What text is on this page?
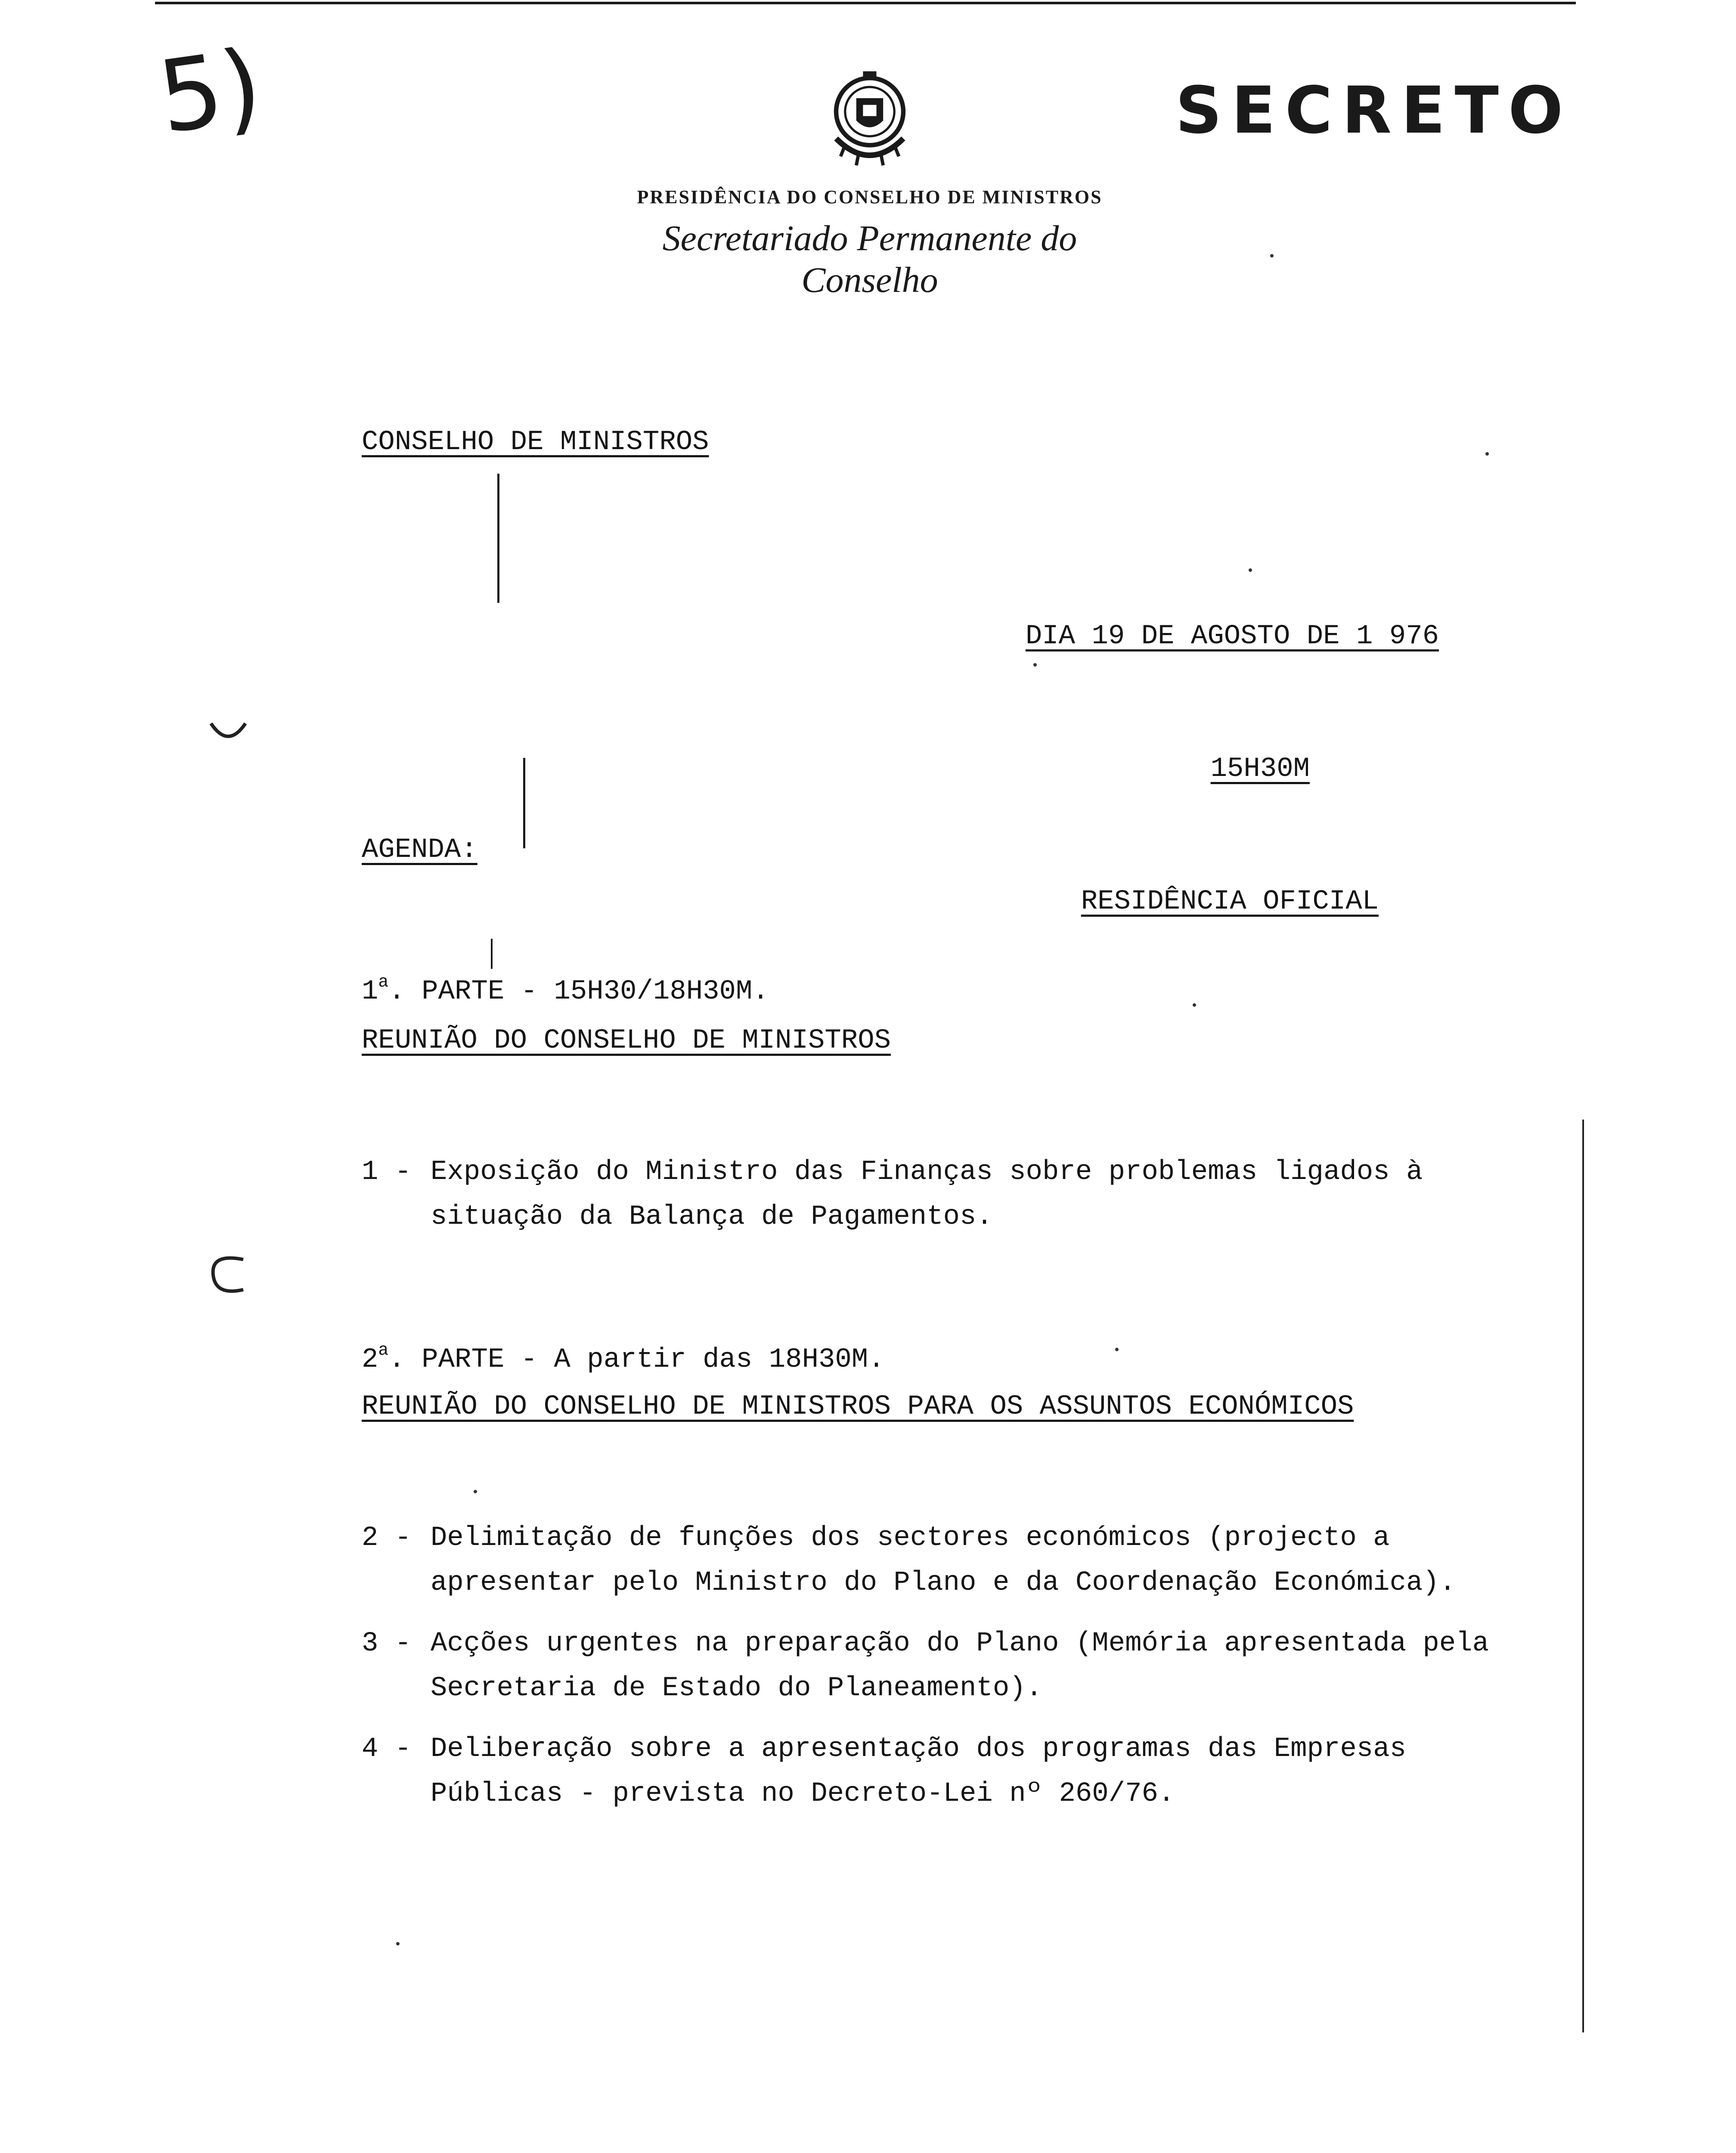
5)	SECRETO
PRESIDÊNCIA DO CONSELHO DE MINISTROS
Secretariado Permanente do Conselho
CONSELHO DE MINISTROS

DIA 19 DE AGOSTO DE 1 976

15H30M

RESIDÊNCIA OFICIAL

AGENDA:
1$^a$. PARTE - 15H30/18H30M.
REUNIÃO DO CONSELHO DE MINISTROS
1 - Exposição do Ministro das Finanças sobre problemas ligados à situação da Balança de Pagamentos.
2$^a$. PARTE - A partir das 18H30M.
REUNIÃO DO CONSELHO DE MINISTROS PARA OS ASSUNTOS ECONÓMICOS
2 - Delimitação de funções dos sectores económicos (projecto a apresentar pelo Ministro do Plano e da Coordenação Económica).
3 - Acções urgentes na preparação do Plano (Memória apresentada pela Secretaria de Estado do Planeamento).
4 - Deliberação sobre a apresentação dos programas das Empresas Públicas - prevista no Decreto-Lei nº 260/76.
